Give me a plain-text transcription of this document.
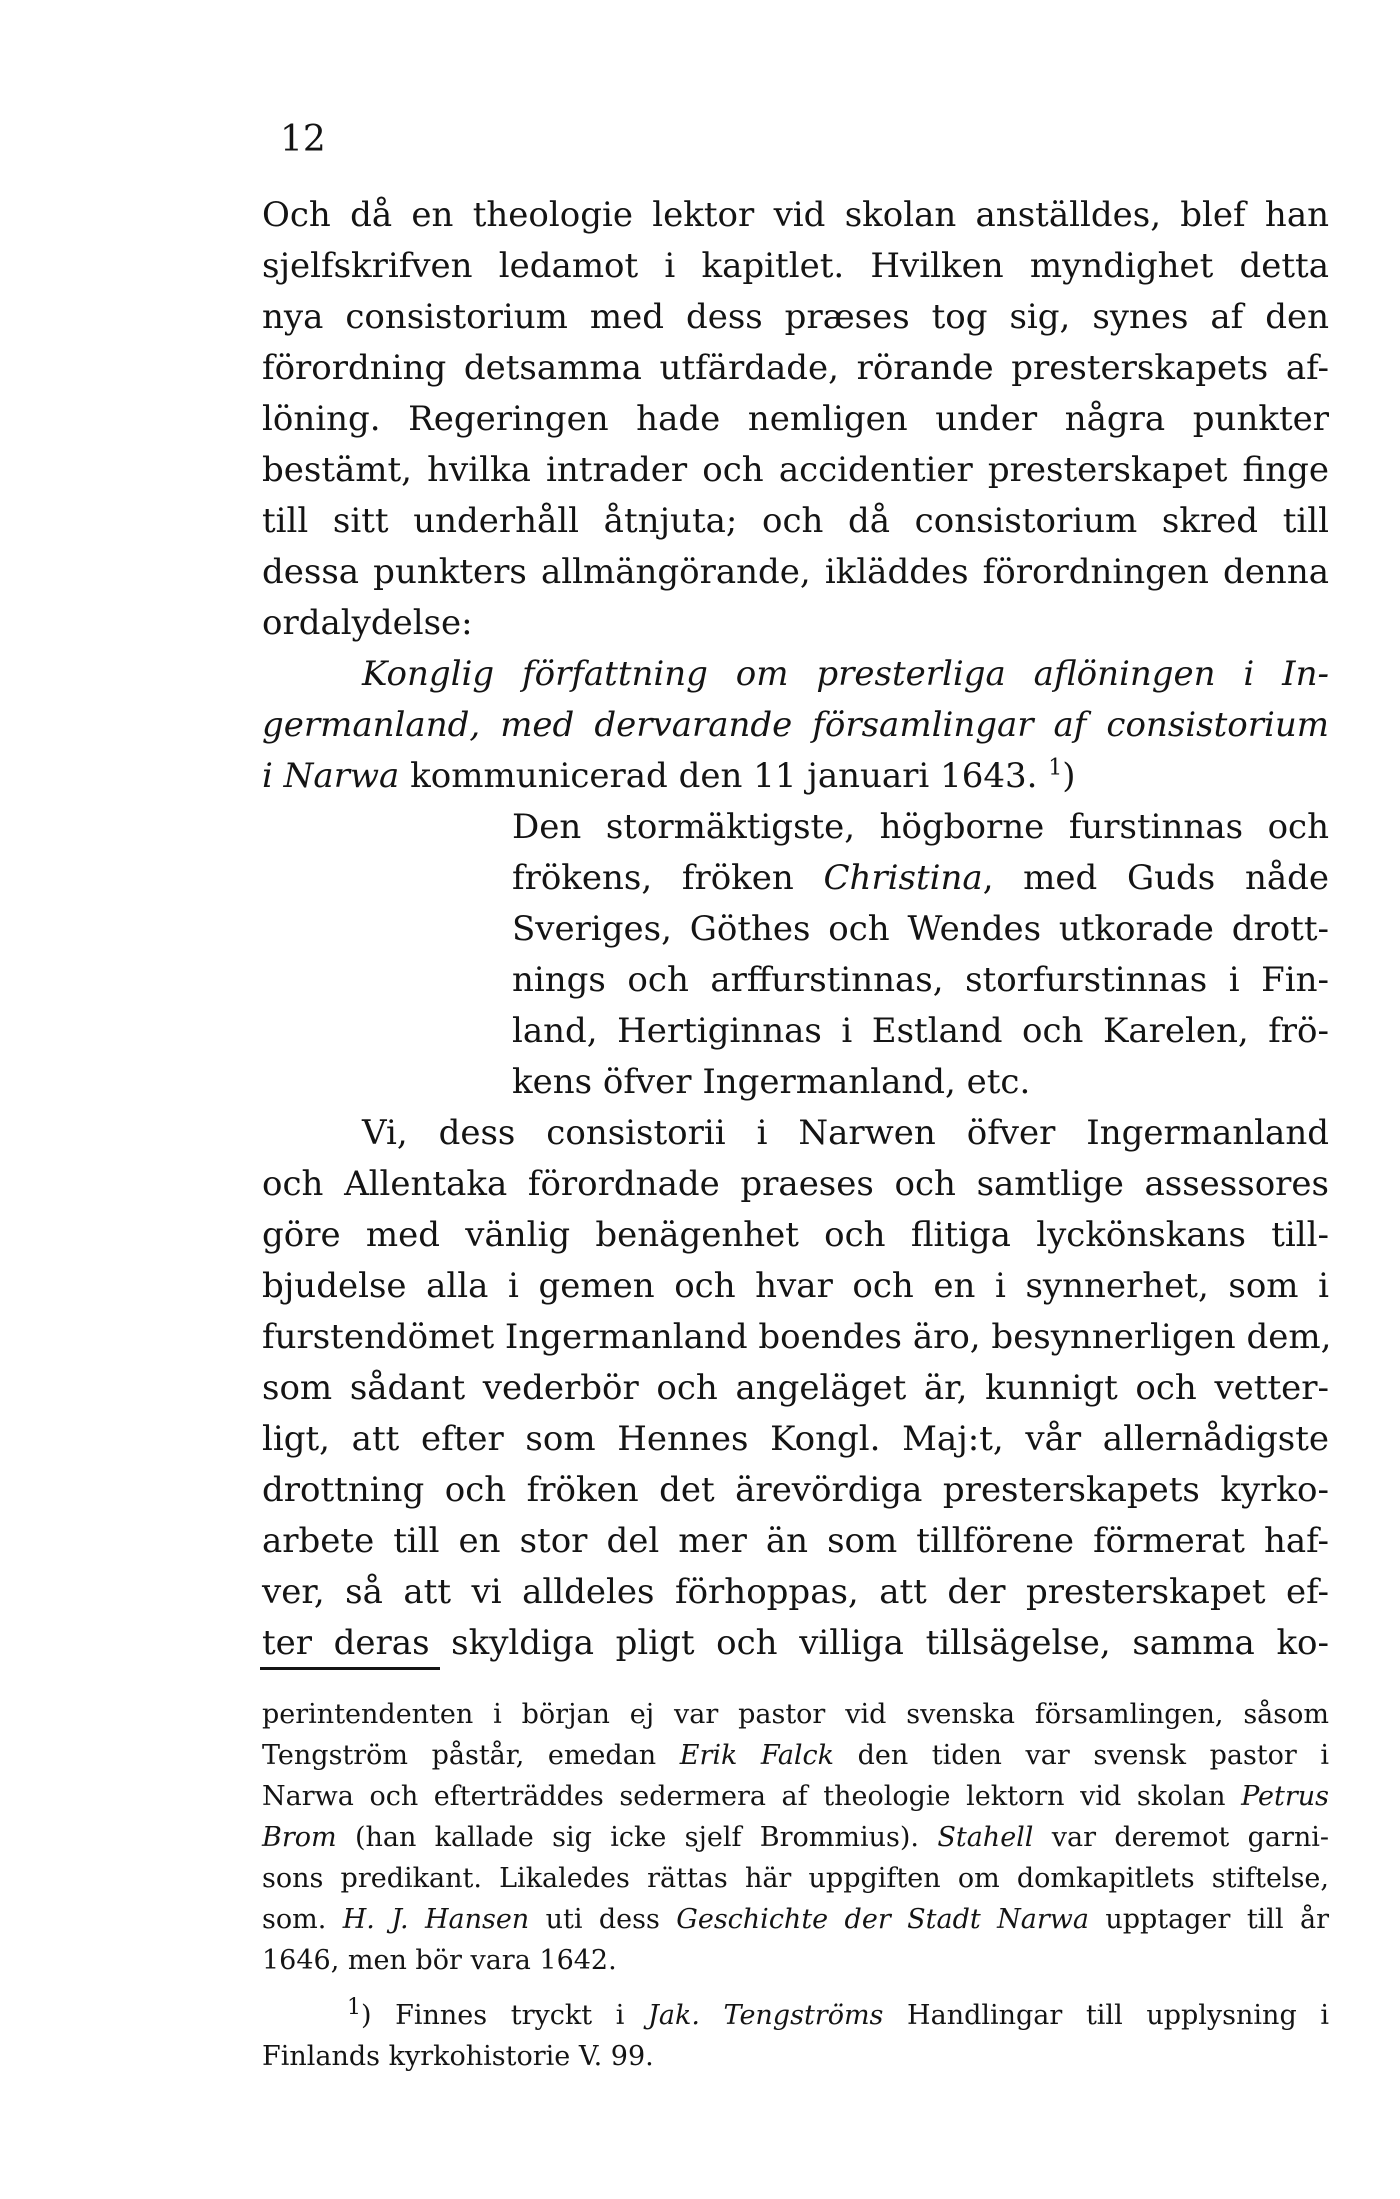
12
Och då en theologie lektor vid skolan anställdes, blef han
sjelfskrifven ledamot i kapitlet. Hvilken myndighet detta
nya consistorium med dess præses tog sig, synes af den
förordning detsamma utfärdade, rörande presterskapets af-
löning. Regeringen hade nemligen under några punkter
bestämt, hvilka intrader och accidentier presterskapet finge
till sitt underhåll åtnjuta; och då consistorium skred till
dessa punkters allmängörande, ikläddes förordningen denna
ordalydelse:
Konglig författning om presterliga aflöningen i In-
germanland, med dervarande församlingar af consistorium
i Narwa kommunicerad den 11 januari 1643. $^1$)
Den stormäktigste, högborne furstinnas och
frökens, fröken Christina, med Guds nåde
Sveriges, Göthes och Wendes utkorade drott-
nings och arffurstinnas, storfurstinnas i Fin-
land, Hertiginnas i Estland och Karelen, frö-
kens öfver Ingermanland, etc.
Vi, dess consistorii i Narwen öfver Ingermanland
och Allentaka förordnade praeses och samtlige assessores
göre med vänlig benägenhet och flitiga lyckönskans till-
bjudelse alla i gemen och hvar och en i synnerhet, som i
furstendömet Ingermanland boendes äro, besynnerligen dem,
som sådant vederbör och angeläget är, kunnigt och vetter-
ligt, att efter som Hennes Kongl. Maj:t, vår allernådigste
drottning och fröken det ärevördiga presterskapets kyrko-
arbete till en stor del mer än som tillförene förmerat haf-
ver, så att vi alldeles förhoppas, att der presterskapet ef-
ter deras skyldiga pligt och villiga tillsägelse, samma ko-
perintendenten i början ej var pastor vid svenska församlingen, såsom
Tengström påstår, emedan Erik Falck den tiden var svensk pastor i
Narwa och efterträddes sedermera af theologie lektorn vid skolan Petrus
Brom (han kallade sig icke sjelf Brommius). Stahell var deremot garni-
sons predikant. Likaledes rättas här uppgiften om domkapitlets stiftelse,
som. H. J. Hansen uti dess Geschichte der Stadt Narwa upptager till år
1646, men bör vara 1642.
$^1$) Finnes tryckt i Jak. Tengströms Handlingar till upplysning i
Finlands kyrkohistorie V. 99.
